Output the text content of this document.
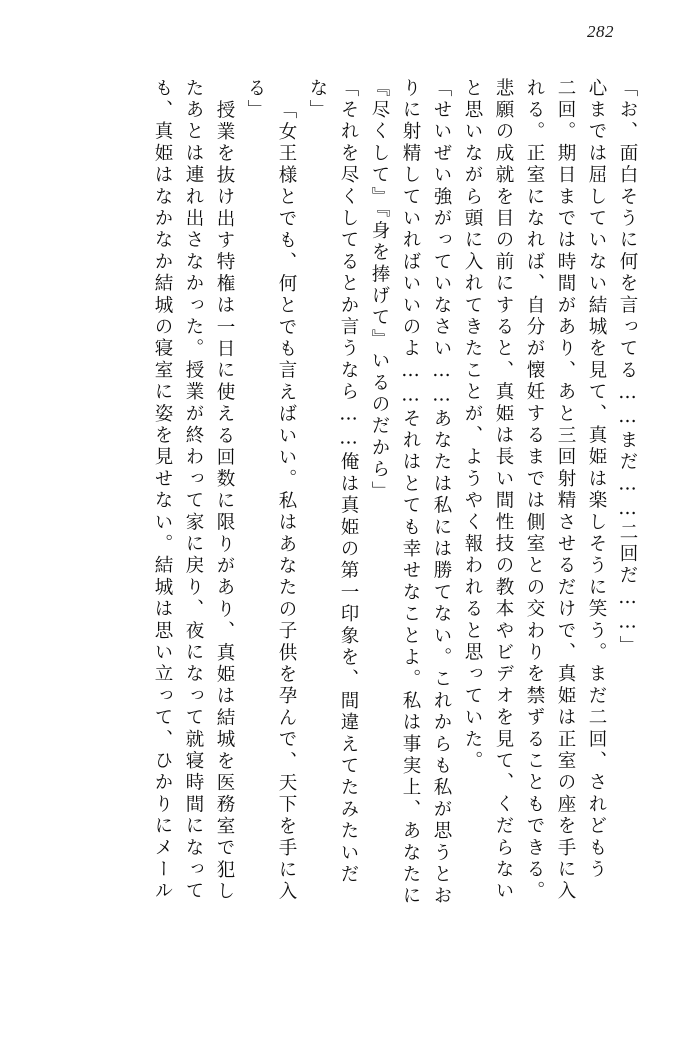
282
「お、面白そうに何を言ってる……まだ……二回だ……」
心までは屈していない結城を見て、真姫は楽しそうに笑う。まだ二回、されどもう
二回。期日までは時間があり、あと三回射精させるだけで、真姫は正室の座を手に入
れる。正室になれば、自分が懐妊するまでは側室との交わりを禁ずることもできる。
悲願の成就を目の前にすると、真姫は長い間性技の教本やビデオを見て、くだらない
と思いながら頭に入れてきたことが、ようやく報われると思っていた。
「せいぜい強がっていなさい……あなたは私には勝てない。これからも私が思うとお
りに射精していればいいのよ……それはとても幸せなことよ。私は事実上、あなたに
『尽くして』『身を捧げて』いるのだから」
「それを尽くしてるとか言うなら……俺は真姫の第一印象を、間違えてたみたいだ
な」
「女王様とでも、何とでも言えばいい。私はあなたの子供を孕んで、天下を手に入
る」
授業を抜け出す特権は一日に使える回数に限りがあり、真姫は結城を医務室で犯し
たあとは連れ出さなかった。授業が終わって家に戻り、夜になって就寝時間になって
も、真姫はなかなか結城の寝室に姿を見せない。結城は思い立って、ひかりにメール
